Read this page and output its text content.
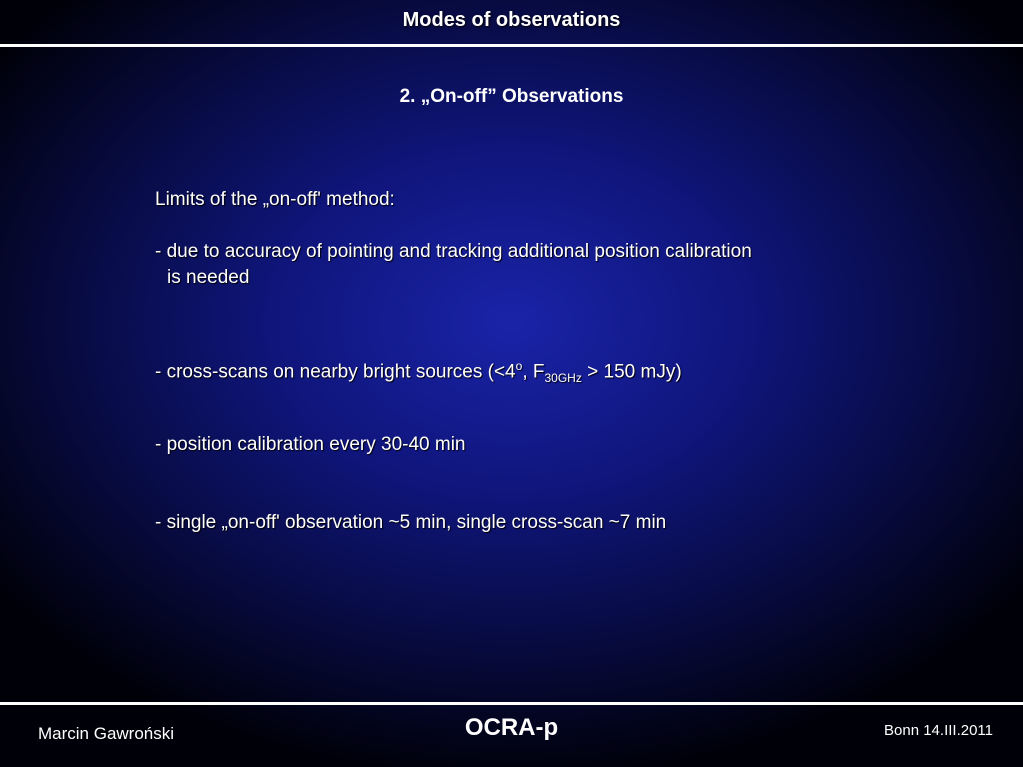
Modes of observations
2. „On-off” Observations
Limits of the „on-off' method:
- due to accuracy of pointing and tracking additional position calibration
is needed
- cross-scans on nearby bright sources ($<4^o$, $F_{30GHz} > 150$ mJy)
- position calibration every 30-40 min
- single „on-off' observation ~5 min, single cross-scan ~7 min
Marcin Gawroński	OCRA-p	Bonn 14.III.2011
